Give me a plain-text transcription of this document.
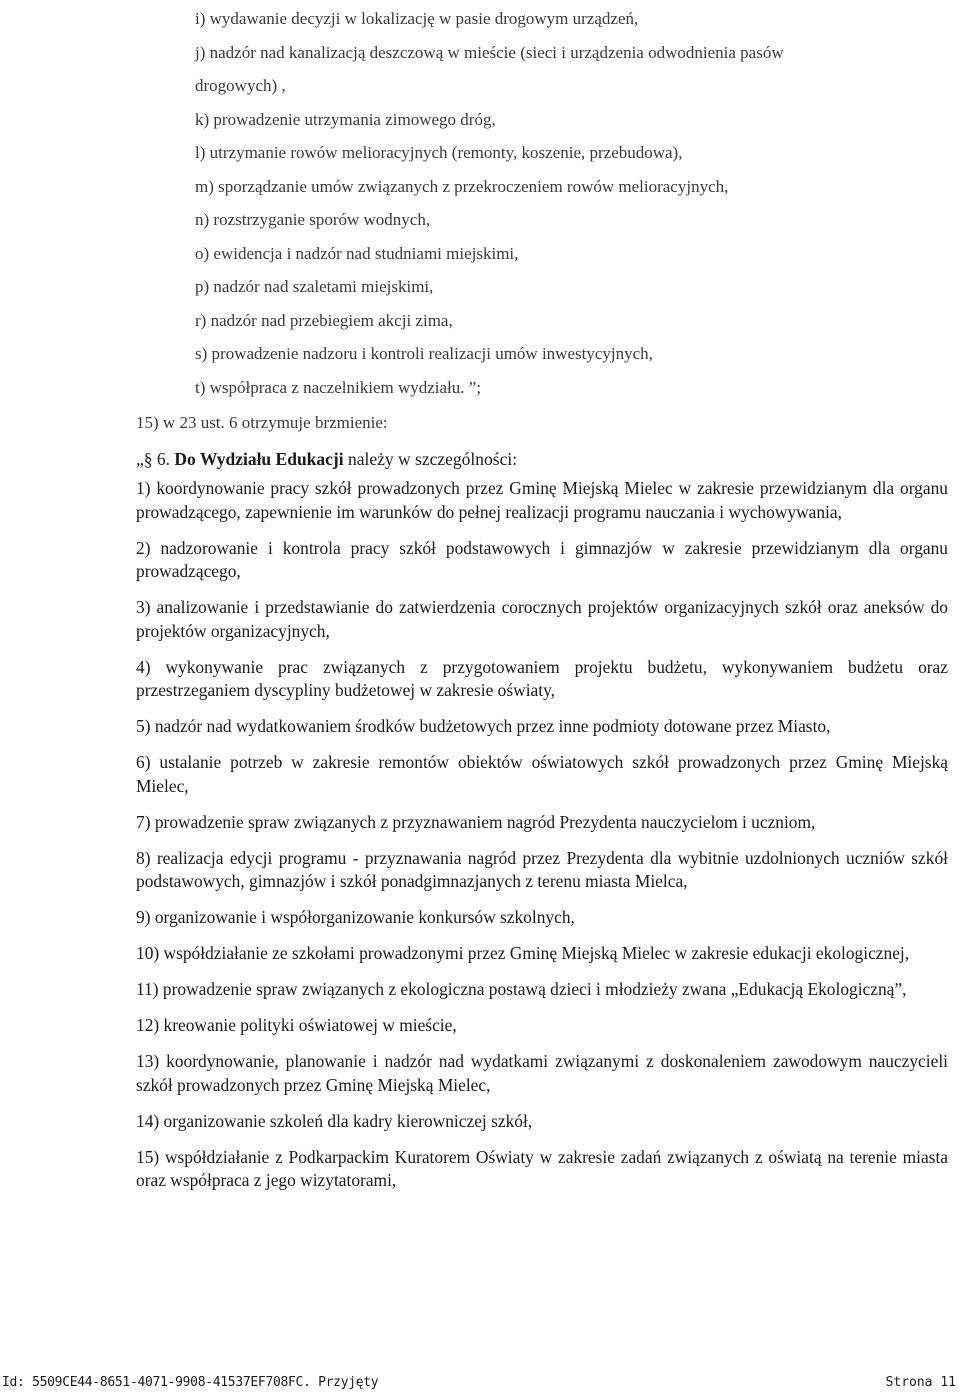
i) wydawanie decyzji w lokalizację w pasie drogowym urządzeń,
j) nadzór nad kanalizacją deszczową w mieście (sieci i urządzenia odwodnienia pasów
drogowych) ,
k) prowadzenie utrzymania zimowego dróg,
l) utrzymanie rowów melioracyjnych (remonty, koszenie, przebudowa),
m) sporządzanie umów związanych z przekroczeniem rowów melioracyjnych,
n) rozstrzyganie sporów wodnych,
o) ewidencja i nadzór nad studniami miejskimi,
p) nadzór nad szaletami miejskimi,
r) nadzór nad przebiegiem akcji zima,
s) prowadzenie nadzoru i kontroli realizacji umów inwestycyjnych,
t) współpraca z naczelnikiem wydziału. ”;
15) w 23 ust. 6 otrzymuje brzmienie:
„§ 6. Do Wydziału Edukacji należy w szczególności:

1) koordynowanie pracy szkół prowadzonych przez Gminę Miejską Mielec w zakresie przewidzianym dla organu prowadzącego, zapewnienie im warunków do pełnej realizacji programu nauczania i wychowywania,

2) nadzorowanie i kontrola pracy szkół podstawowych i gimnazjów w zakresie przewidzianym dla organu prowadzącego,

3) analizowanie i przedstawianie do zatwierdzenia corocznych projektów organizacyjnych szkół oraz aneksów do projektów organizacyjnych,

4) wykonywanie prac związanych z przygotowaniem projektu budżetu, wykonywaniem budżetu oraz przestrzeganiem dyscypliny budżetowej w zakresie oświaty,

5) nadzór nad wydatkowaniem środków budżetowych przez inne podmioty dotowane przez Miasto,

6) ustalanie potrzeb w zakresie remontów obiektów oświatowych szkół prowadzonych przez Gminę Miejską Mielec,

7) prowadzenie spraw związanych z przyznawaniem nagród Prezydenta nauczycielom i uczniom,

8) realizacja edycji programu - przyznawania nagród przez Prezydenta dla wybitnie uzdolnionych uczniów szkół podstawowych, gimnazjów i szkół ponadgimnazjanych z terenu miasta Mielca,

9) organizowanie i współorganizowanie konkursów szkolnych,

10) współdziałanie ze szkołami prowadzonymi przez Gminę Miejską Mielec w zakresie edukacji ekologicznej,

11) prowadzenie spraw związanych z ekologiczna postawą dzieci i młodzieży zwana „Edukacją Ekologiczną”,

12) kreowanie polityki oświatowej w mieście,

13) koordynowanie, planowanie i nadzór nad wydatkami związanymi z doskonaleniem zawodowym nauczycieli szkół prowadzonych przez Gminę Miejską Mielec,

14) organizowanie szkoleń dla kadry kierowniczej szkół,

15) współdziałanie z Podkarpackim Kuratorem Oświaty w zakresie zadań związanych z oświatą na terenie miasta oraz współpraca z jego wizytatorami,

Id: 5509CE44-8651-4071-9908-41537EF708FC. Przyjęty	Strona 11
